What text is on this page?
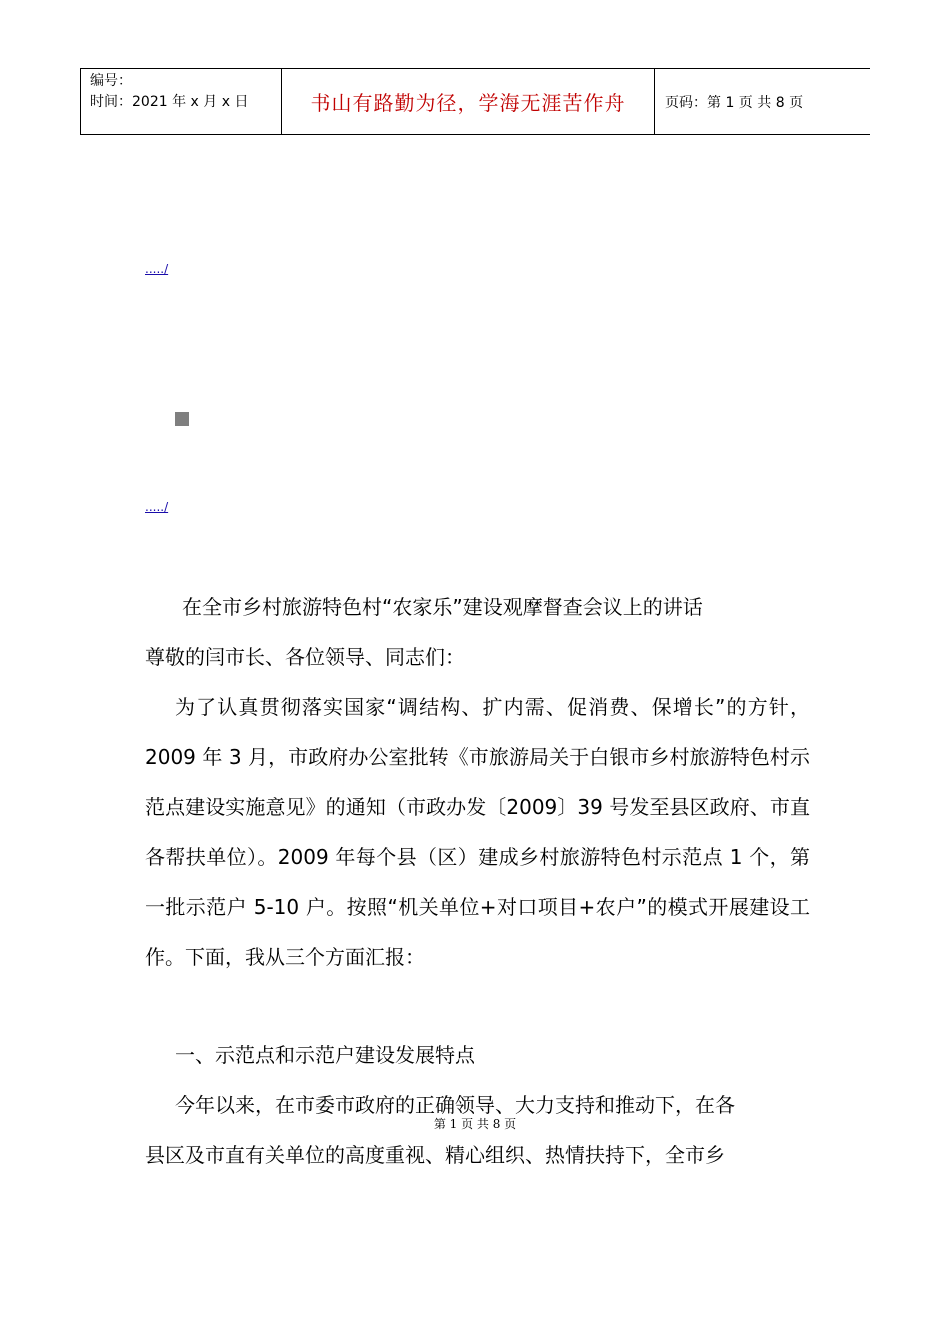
编号：
时间：2021 年 x 月 x 日	书山有路勤为径，学海无涯苦作舟	页码：第 1 页 共 8 页
...../
...../
在全市乡村旅游特色村“农家乐”建设观摩督查会议上的讲话
尊敬的闫市长、各位领导、同志们：

为了认真贯彻落实国家“调结构、扩内需、促消费、保增长”的方针，2009 年 3 月，市政府办公室批转《市旅游局关于白银市乡村旅游特色村示范点建设实施意见》的通知（市政办发〔2009〕39 号发至县区政府、市直各帮扶单位）。2009 年每个县（区）建成乡村旅游特色村示范点 1 个，第一批示范户 5-10 户。按照“机关单位+对口项目+农户”的模式开展建设工作。下面，我从三个方面汇报：

一、示范点和示范户建设发展特点
今年以来，在市委市政府的正确领导、大力支持和推动下，在各
第 1 页 共 8 页
县区及市直有关单位的高度重视、精心组织、热情扶持下，全市乡
